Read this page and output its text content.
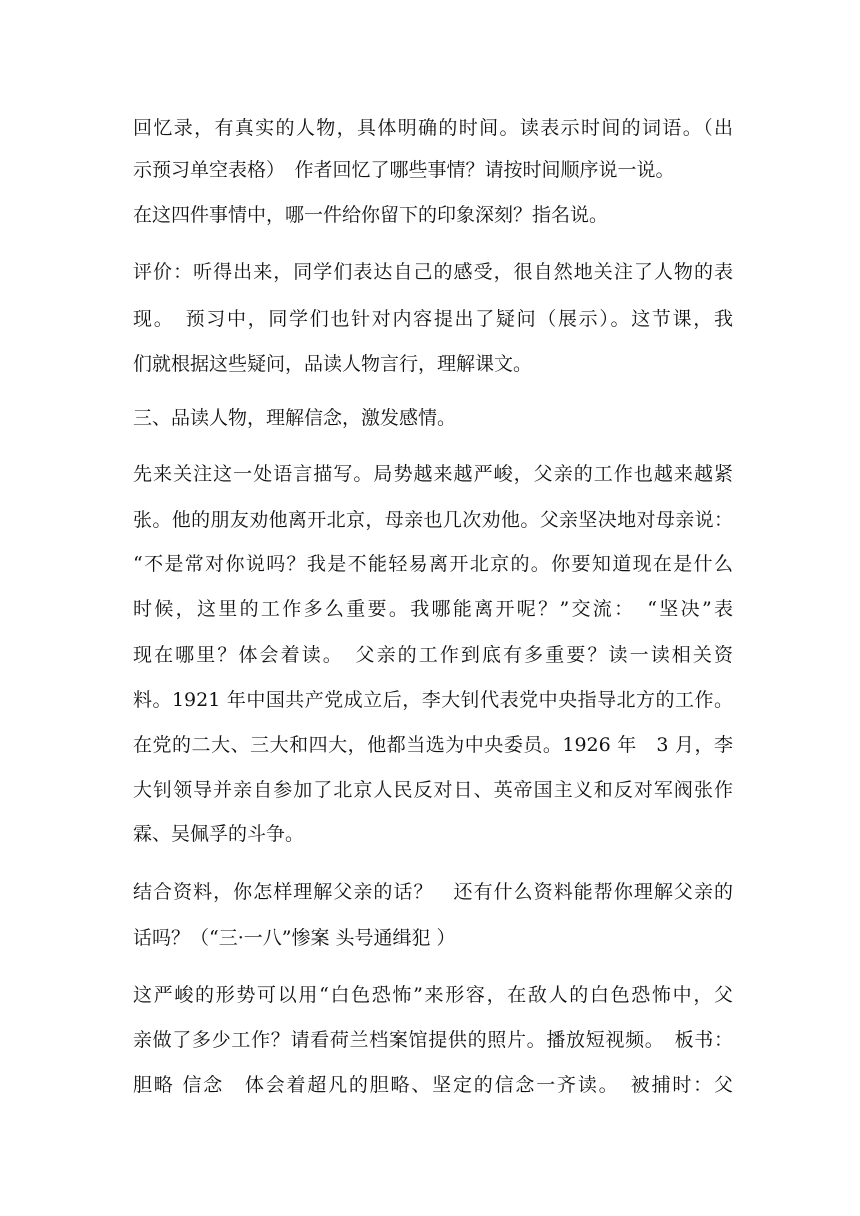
回忆录，有真实的人物，具体明确的时间。读表示时间的词语。（出
示预习单空表格）　作者回忆了哪些事情？请按时间顺序说一说。
在这四件事情中，哪一件给你留下的印象深刻？指名说。
评价：听得出来，同学们表达自己的感受，很自然地关注了人物的表
现。　预习中，同学们也针对内容提出了疑问（展示）。这节课，我
们就根据这些疑问，品读人物言行，理解课文。
三、品读人物，理解信念，激发感情。
先来关注这一处语言描写。局势越来越严峻，父亲的工作也越来越紧
张。他的朋友劝他离开北京，母亲也几次劝他。父亲坚决地对母亲说：
“不是常对你说吗？我是不能轻易离开北京的。你要知道现在是什么
时候，这里的工作多么重要。我哪能离开呢？”交流：　“坚决”表
现在哪里？体会着读。　父亲的工作到底有多重要？读一读相关资
料。1921 年中国共产党成立后，李大钊代表党中央指导北方的工作。
在党的二大、三大和四大，他都当选为中央委员。1926 年　3 月，李
大钊领导并亲自参加了北京人民反对日、英帝国主义和反对军阀张作
霖、吴佩孚的斗争。
结合资料，你怎样理解父亲的话？　还有什么资料能帮你理解父亲的
话吗？（“三·一八”惨案 头号通缉犯 ）
这严峻的形势可以用“白色恐怖”来形容，在敌人的白色恐怖中，父
亲做了多少工作？请看荷兰档案馆提供的照片。播放短视频。　板书：
胆略 信念　体会着超凡的胆略、坚定的信念一齐读。　被捕时：父
